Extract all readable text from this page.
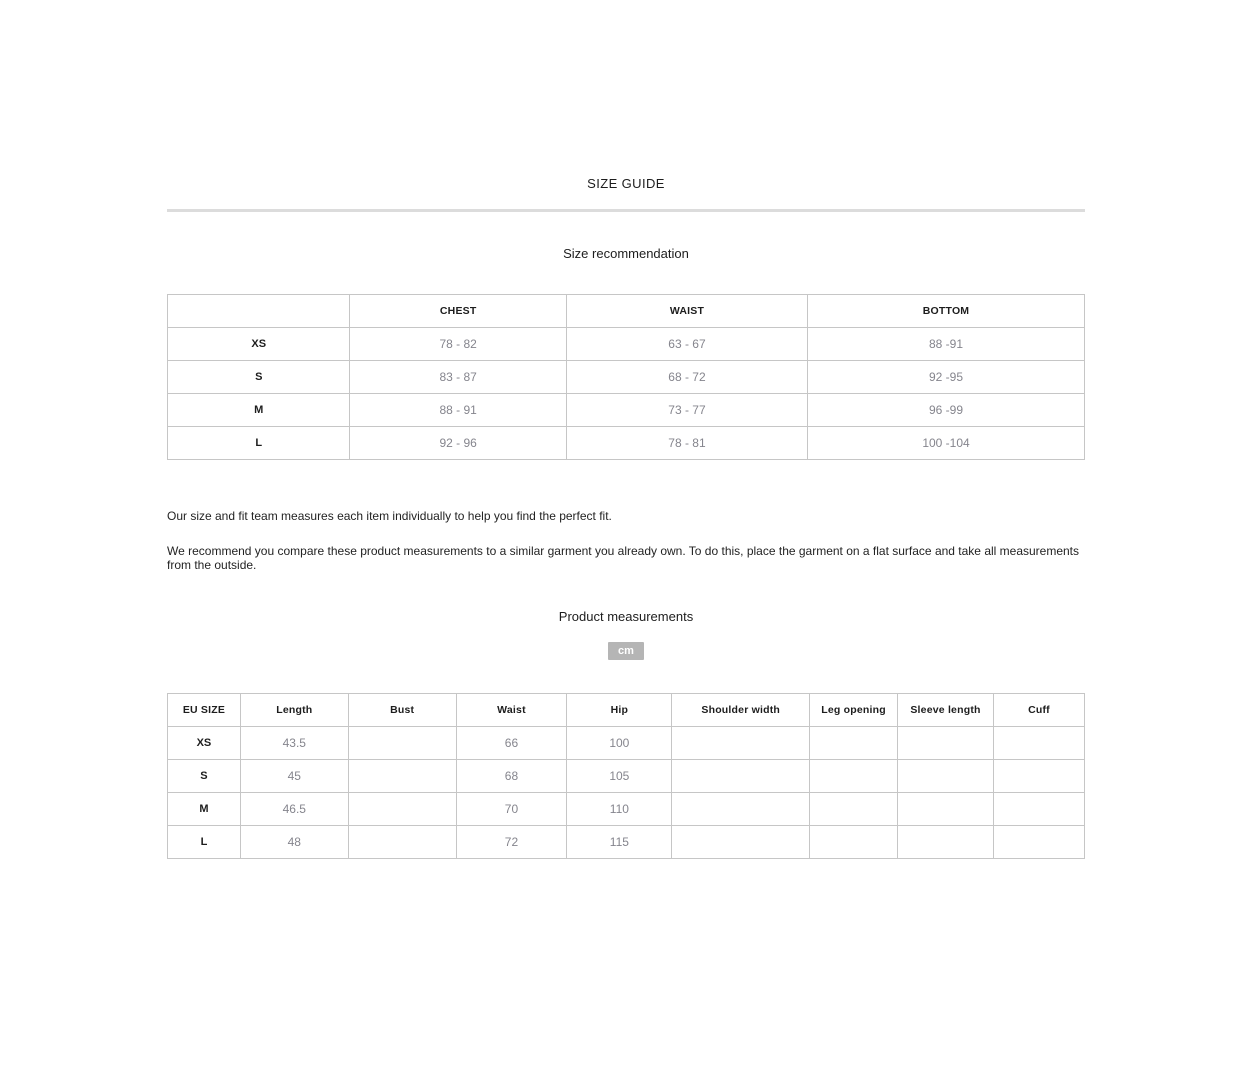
SIZE GUIDE
Size recommendation
	CHEST	WAIST	BOTTOM
XS	78 - 82	63 - 67	88 -91
S	83 - 87	68 - 72	92 -95
M	88 - 91	73 - 77	96 -99
L	92 - 96	78 - 81	100 -104

Our size and fit team measures each item individually to help you find the perfect fit.

We recommend you compare these product measurements to a similar garment you already own. To do this, place the garment on a flat surface and take all measurements from the outside.

Product measurements
cm
EU SIZE	Length	Bust	Waist	Hip	Shoulder width	Leg opening	Sleeve length	Cuff
XS	43.5		66	100				
S	45		68	105				
M	46.5		70	110				
L	48		72	115				
